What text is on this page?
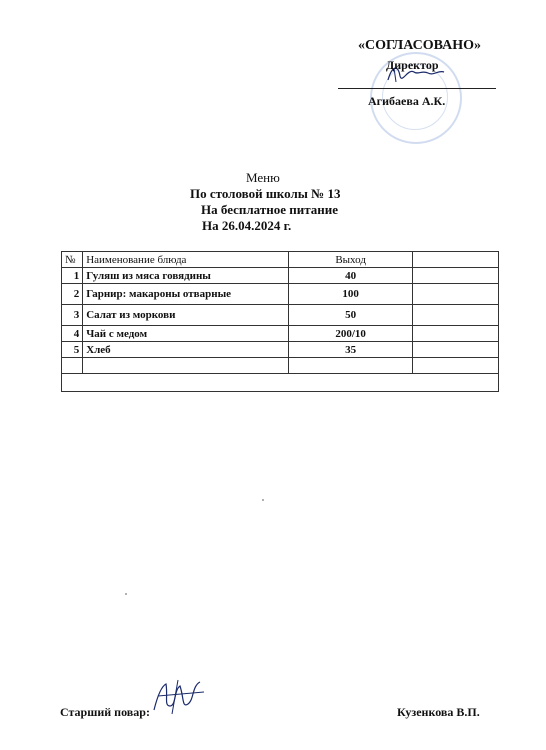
«СОГЛАСОВАНО»
Директор
Агибаева А.К.
Меню
По столовой школы № 13
На бесплатное питание
На 26.04.2024 г.
№	Наименование блюда	Выход	
1	Гуляш из мяса говядины	40	
2	Гарнир: макароны отварные	100	
3	Салат из моркови	50	
4	Чай с медом	200/10	
5	Хлеб	35	

Старший повар:	Кузенкова В.П.
